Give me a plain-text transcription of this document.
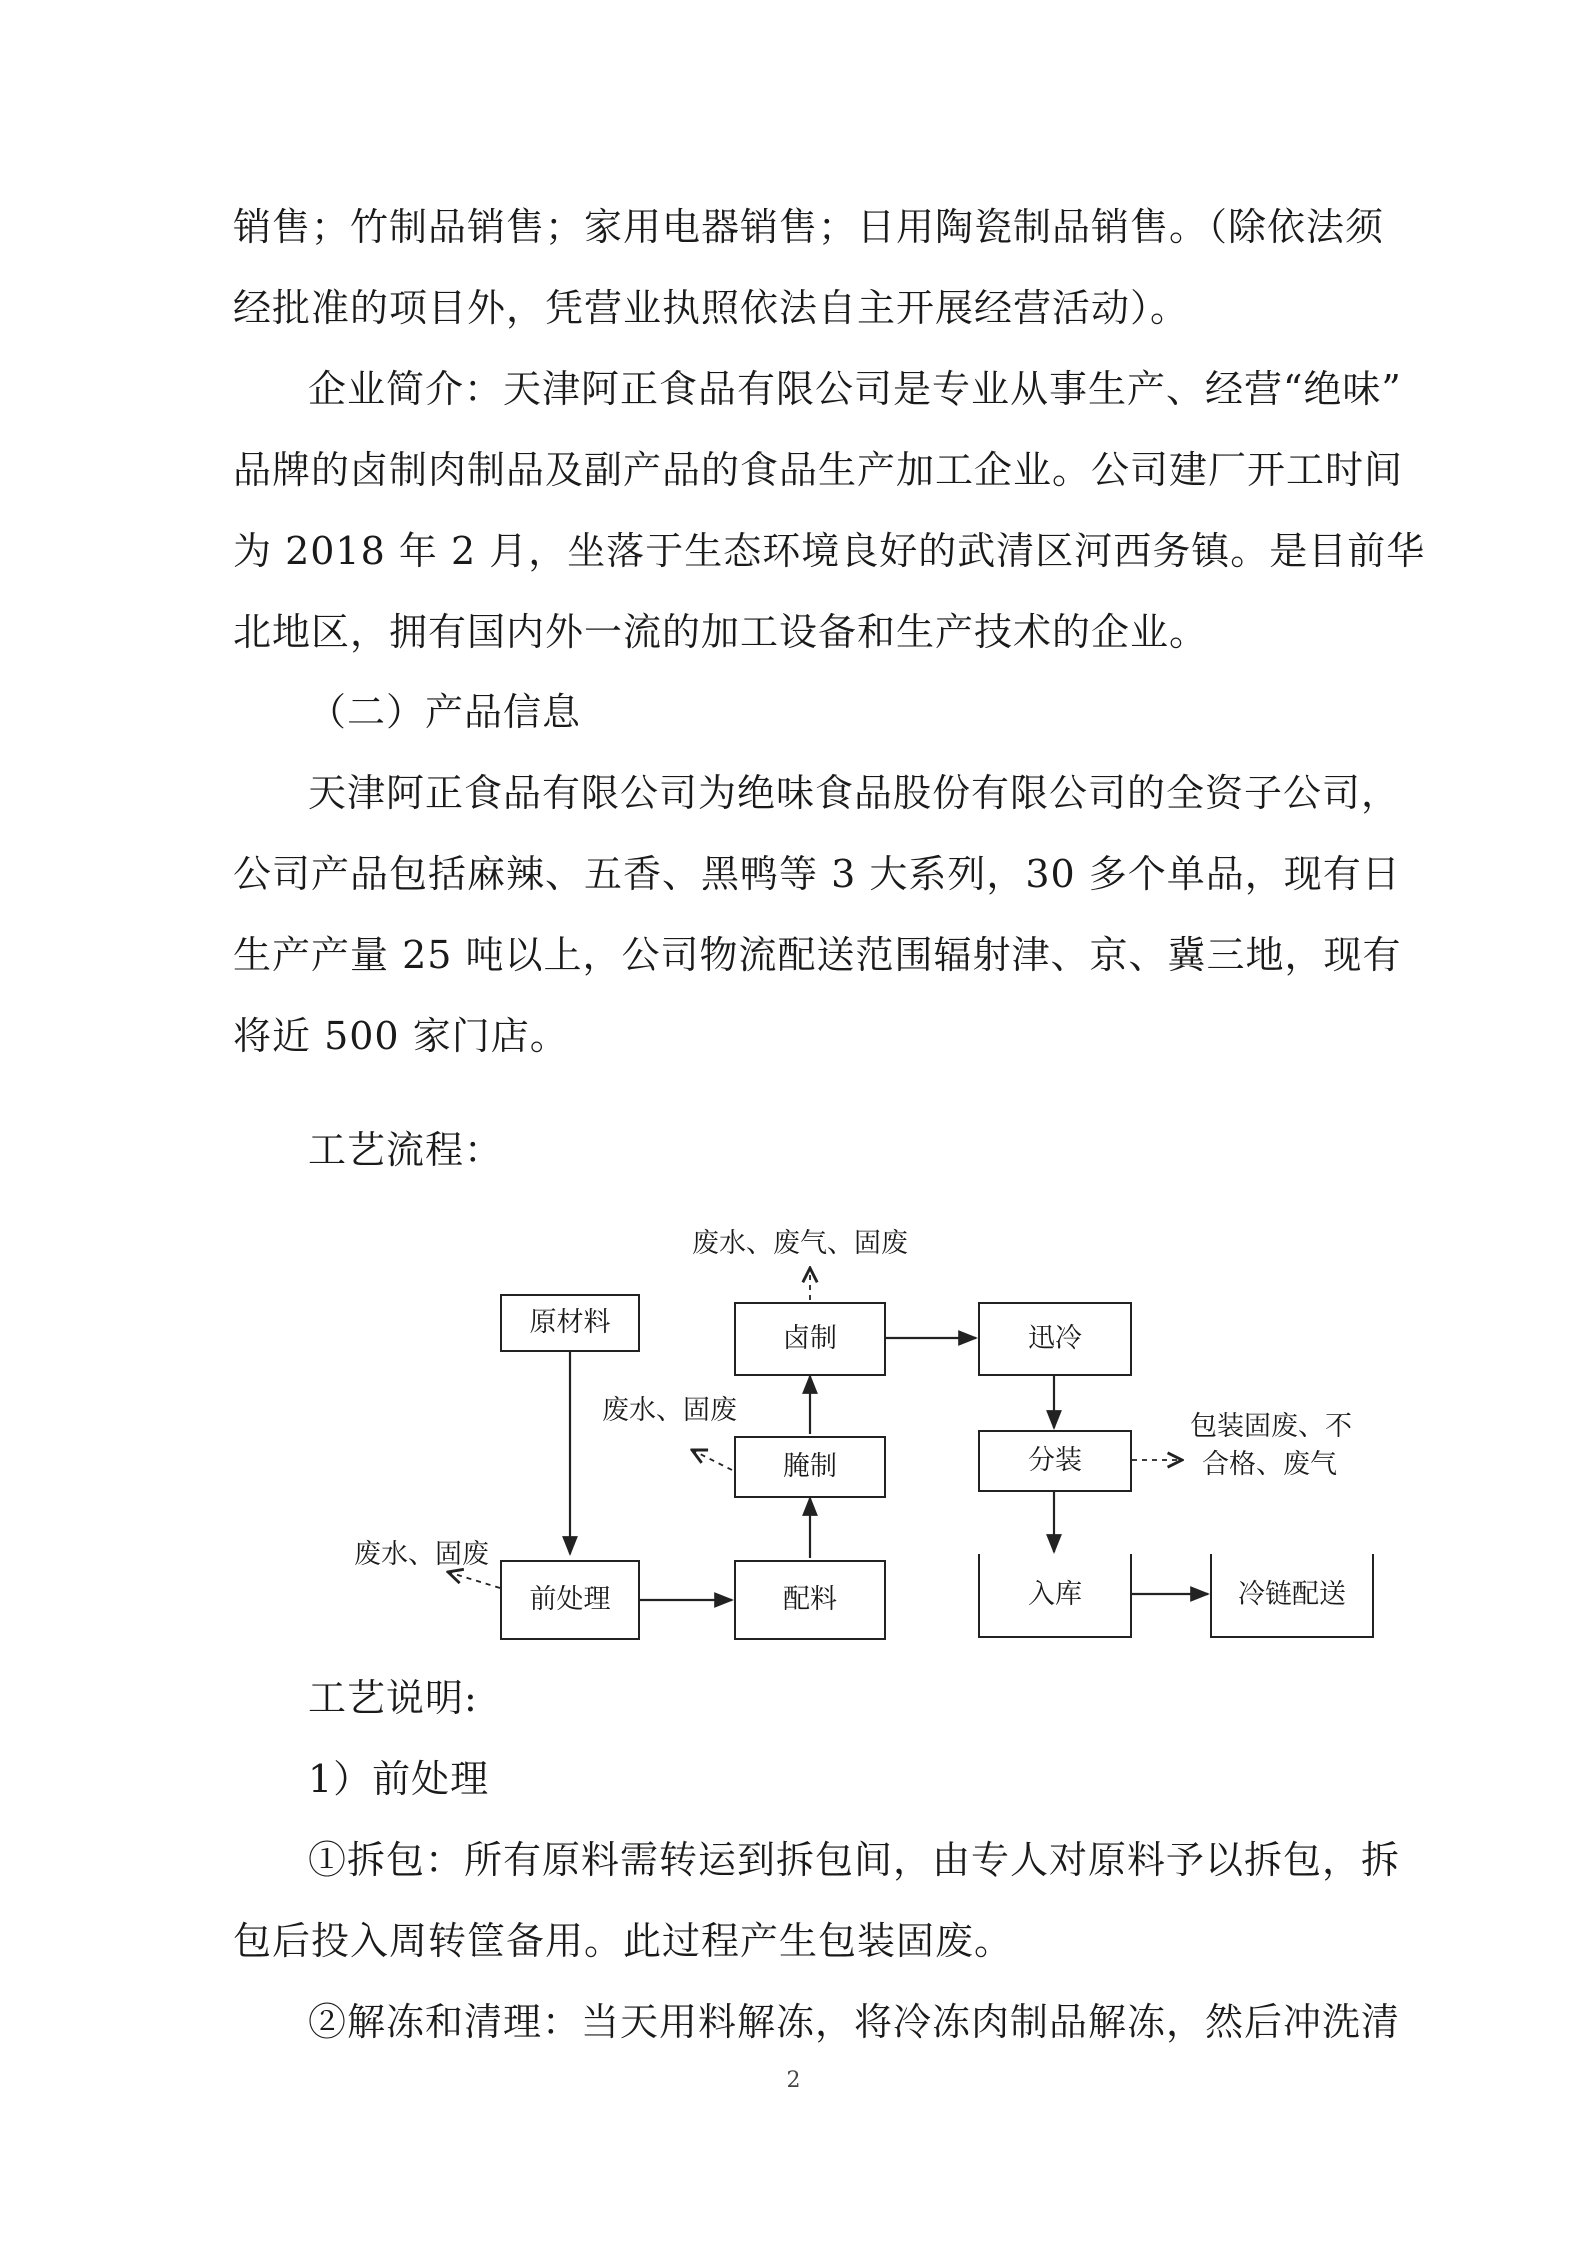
销售；竹制品销售；家用电器销售；日用陶瓷制品销售。（除依法须
经批准的项目外，凭营业执照依法自主开展经营活动）。
企业简介：天津阿正食品有限公司是专业从事生产、经营“绝味”
品牌的卤制肉制品及副产品的食品生产加工企业。公司建厂开工时间
为 2018 年 2 月，坐落于生态环境良好的武清区河西务镇。是目前华
北地区，拥有国内外一流的加工设备和生产技术的企业。
（二）产品信息
天津阿正食品有限公司为绝味食品股份有限公司的全资子公司，
公司产品包括麻辣、五香、黑鸭等 3 大系列，30 多个单品，现有日
生产产量 25 吨以上，公司物流配送范围辐射津、京、冀三地，现有
将近 500 家门店。
工艺流程：
废水、废气、固废
废水、固废
废水、固废
包装固废、不
合格、废气
原材料
前处理	配料
腌制
卤制	迅冷
分装
入库	冷链配送
工艺说明:
1）前处理
①拆包：所有原料需转运到拆包间，由专人对原料予以拆包，拆
包后投入周转筐备用。此过程产生包装固废。
②解冻和清理：当天用料解冻，将冷冻肉制品解冻，然后冲洗清
2
